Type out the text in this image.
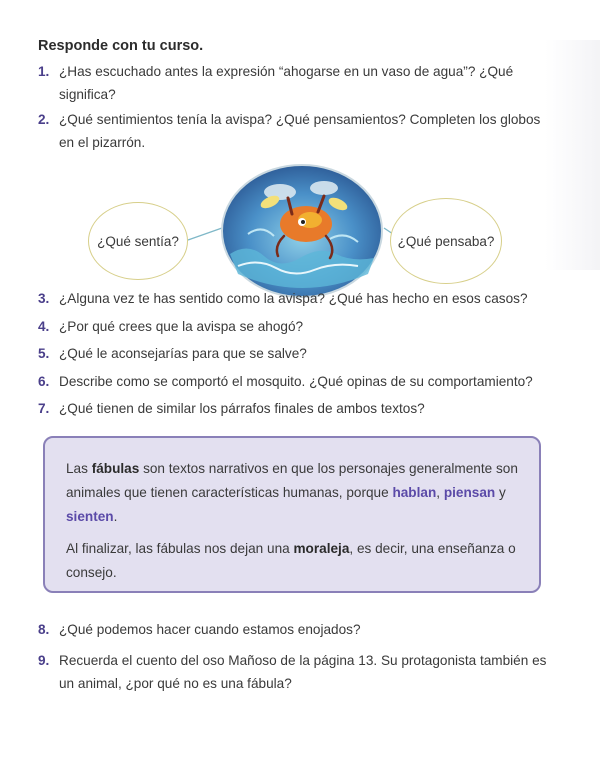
Responde con tu curso.
1. ¿Has escuchado antes la expresión “ahogarse en un vaso de agua”? ¿Qué significa?
2. ¿Qué sentimientos tenía la avispa? ¿Qué pensamientos? Completen los globos en el pizarrón.
¿Qué sentía?	¿Qué pensaba?
3. ¿Alguna vez te has sentido como la avispa? ¿Qué has hecho en esos casos?
4. ¿Por qué crees que la avispa se ahogó?
5. ¿Qué le aconsejarías para que se salve?
6. Describe como se comportó el mosquito. ¿Qué opinas de su comportamiento?
7. ¿Qué tienen de similar los párrafos finales de ambos textos?
Las fábulas son textos narrativos en que los personajes generalmente son animales que tienen características humanas, porque hablan, piensan y sienten.
Al finalizar, las fábulas nos dejan una moraleja, es decir, una enseñanza o consejo.
8. ¿Qué podemos hacer cuando estamos enojados?
9. Recuerda el cuento del oso Mañoso de la página 13. Su protagonista también es un animal, ¿por qué no es una fábula?
